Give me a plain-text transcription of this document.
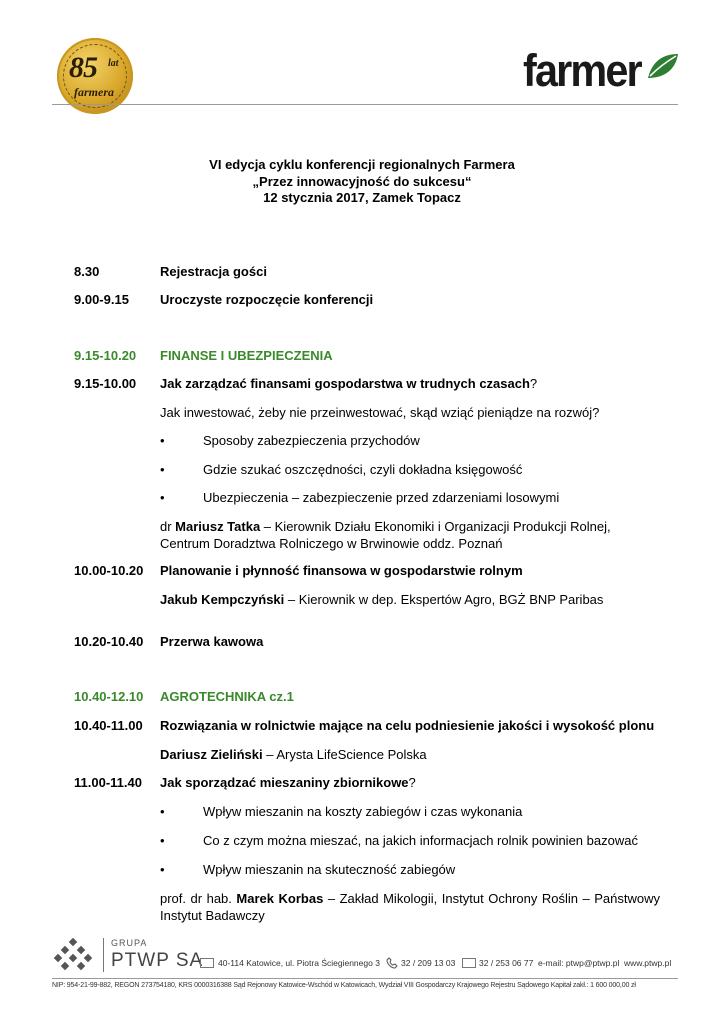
85 lat
farmera	farmer
VI edycja cyklu konferencji regionalnych Farmera
„Przez innowacyjność do sukcesu“
12 stycznia 2017, Zamek Topacz
8.30	Rejestracja gości
9.00-9.15 Uroczyste rozpoczęcie konferencji
9.15-10.20 FINANSE I UBEZPIECZENIA
9.15-10.00 Jak zarządzać finansami gospodarstwa w trudnych czasach?
Jak inwestować, żeby nie przeinwestować, skąd wziąć pieniądze na rozwój?
•	Sposoby zabezpieczenia przychodów
•	Gdzie szukać oszczędności, czyli dokładna księgowość
•	Ubezpieczenia – zabezpieczenie przed zdarzeniami losowymi
dr Mariusz Tatka – Kierownik Działu Ekonomiki i Organizacji Produkcji Rolnej, Centrum Doradztwa Rolniczego w Brwinowie oddz. Poznań
10.00-10.20 Planowanie i płynność finansowa w gospodarstwie rolnym
Jakub Kempczyński – Kierownik w dep. Ekspertów Agro, BGŻ BNP Paribas
10.20-10.40 Przerwa kawowa
10.40-12.10 AGROTECHNIKA cz.1
10.40-11.00 Rozwiązania w rolnictwie mające na celu podniesienie jakości i wysokość plonu
Dariusz Zieliński – Arysta LifeScience Polska
11.00-11.40 Jak sporządzać mieszaniny zbiornikowe?
•	Wpływ mieszanin na koszty zabiegów i czas wykonania
•	Co z czym można mieszać, na jakich informacjach rolnik powinien bazować
•	Wpływ mieszanin na skuteczność zabiegów
prof. dr hab. Marek Korbas – Zakład Mikologii, Instytut Ochrony Roślin – Państwowy Instytut Badawczy
GRUPA
PTWP SA 40-114 Katowice, ul. Piotra Ściegiennego 3 32 / 209 13 03	32 / 253 06 77 e-mail: ptwp@ptwp.pl www.ptwp.pl
NIP: 954-21-99-882, REGON 273754180, KRS 0000316388 Sąd Rejonowy Katowice-Wschód w Katowicach, Wydział VIII Gospodarczy Krajowego Rejestru Sądowego Kapitał zakł.: 1 600 000,00 zł
